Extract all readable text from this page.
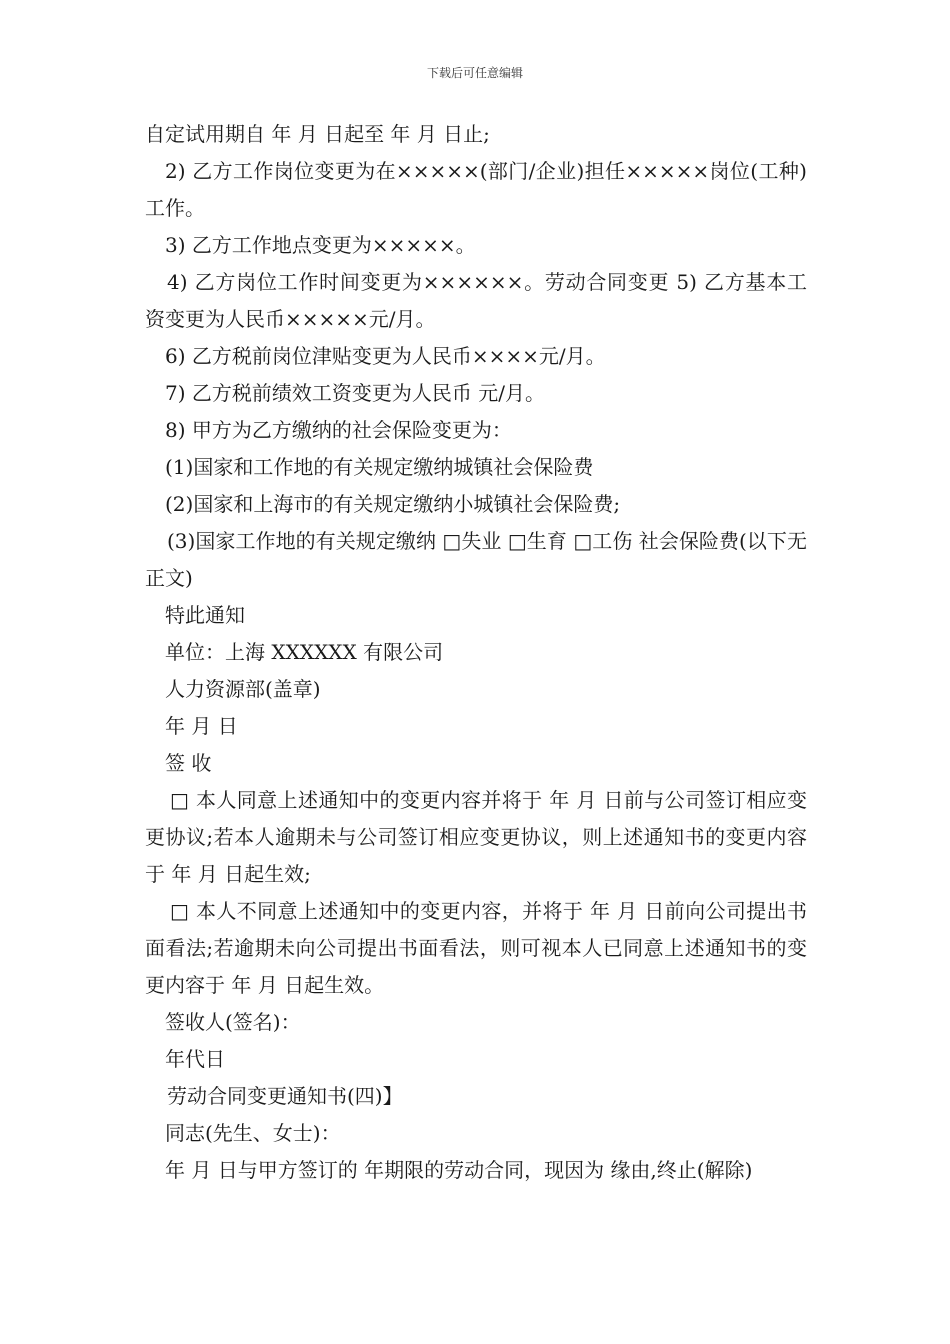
下载后可任意编辑

自定试用期自 年 月 日起至 年 月 日止;

2) 乙方工作岗位变更为在×××××(部门/企业)担任×××××岗位(工种)工作。

3) 乙方工作地点变更为×××××。

4) 乙方岗位工作时间变更为××××××。劳动合同变更 5) 乙方基本工资变更为人民币×××××元/月。

6) 乙方税前岗位津贴变更为人民币××××元/月。

7) 乙方税前绩效工资变更为人民币 元/月。

8) 甲方为乙方缴纳的社会保险变更为：

(1)国家和工作地的有关规定缴纳城镇社会保险费

(2)国家和上海市的有关规定缴纳小城镇社会保险费;

(3)国家工作地的有关规定缴纳 □失业 □生育 □工伤 社会保险费(以下无正文)

特此通知

单位：上海 XXXXXX 有限公司

人力资源部(盖章)

年 月 日

签 收

□ 本人同意上述通知中的变更内容并将于 年 月 日前与公司签订相应变更协议;若本人逾期未与公司签订相应变更协议，则上述通知书的变更内容于 年 月 日起生效;

□ 本人不同意上述通知中的变更内容，并将于 年 月 日前向公司提出书面看法;若逾期未向公司提出书面看法，则可视本人已同意上述通知书的变更内容于 年 月 日起生效。

签收人(签名)：

年代日

劳动合同变更通知书(四)】

同志(先生、女士)：

年 月 日与甲方签订的 年期限的劳动合同，现因为 缘由,终止(解除)
